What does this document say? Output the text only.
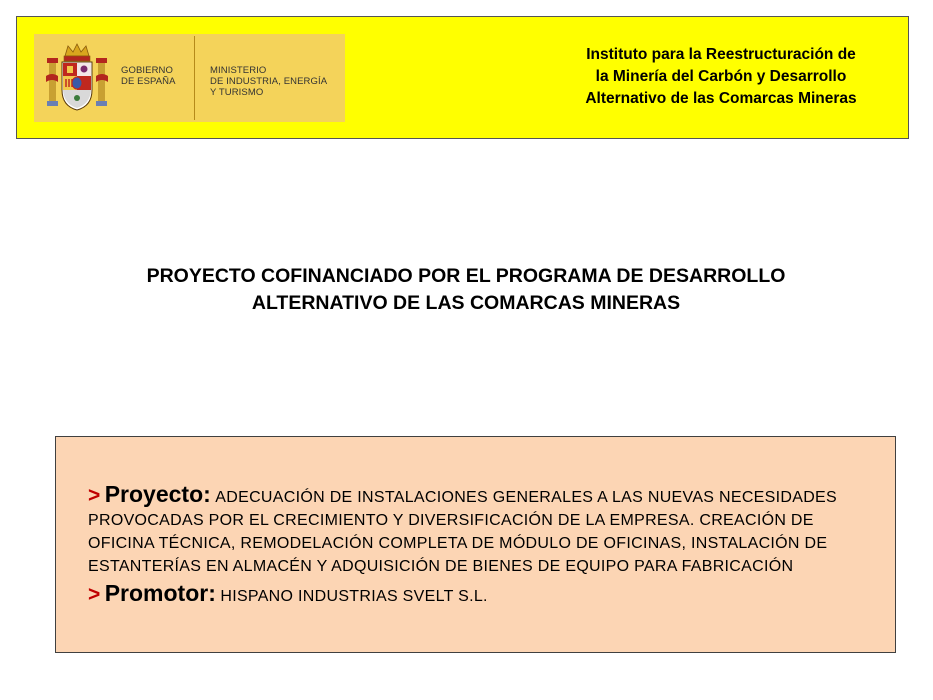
GOBIERNO
DE ESPAÑA
MINISTERIO
DE INDUSTRIA, ENERGÍA
Y TURISMO
Instituto para la Reestructuración de
la Minería del Carbón y Desarrollo
Alternativo de las Comarcas Mineras
PROYECTO COFINANCIADO POR EL PROGRAMA DE DESARROLLO
ALTERNATIVO DE LAS COMARCAS MINERAS

> Proyecto: ADECUACIÓN DE INSTALACIONES GENERALES A LAS NUEVAS NECESIDADES PROVOCADAS POR EL CRECIMIENTO Y DIVERSIFICACIÓN DE LA EMPRESA. CREACIÓN DE OFICINA TÉCNICA, REMODELACIÓN COMPLETA DE MÓDULO DE OFICINAS, INSTALACIÓN DE ESTANTERÍAS EN ALMACÉN Y ADQUISICIÓN DE BIENES DE EQUIPO PARA FABRICACIÓN

> Promotor: HISPANO INDUSTRIAS SVELT S.L.
